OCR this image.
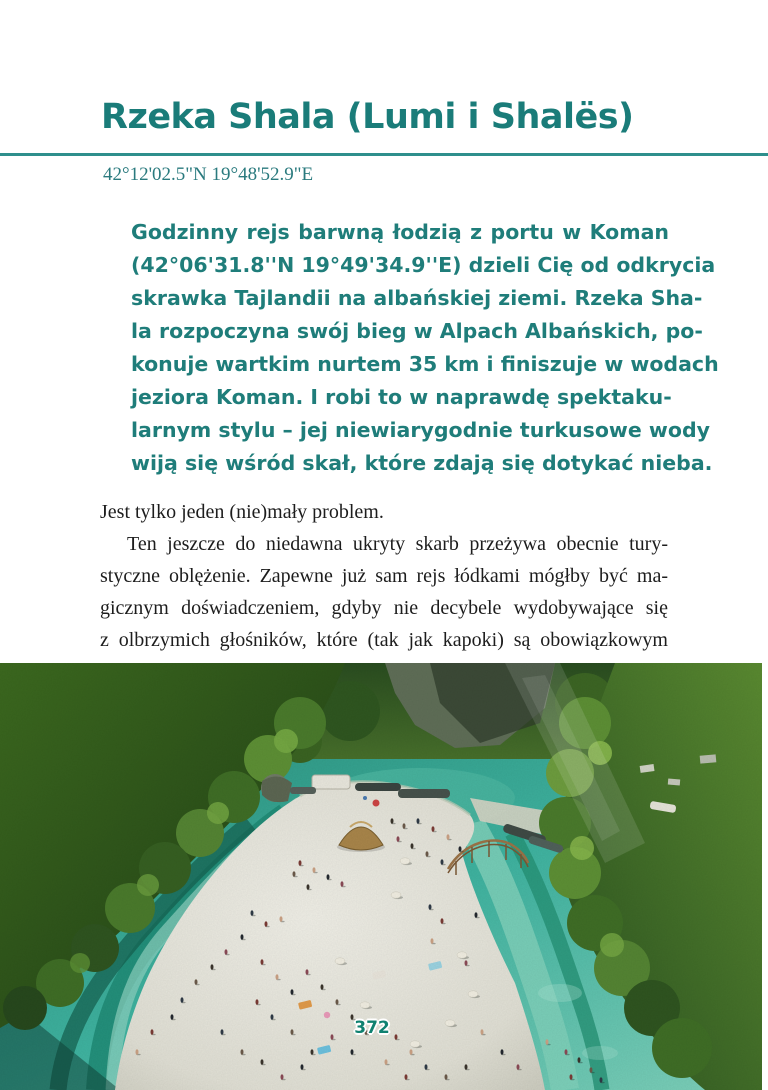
Rzeka Shala (Lumi i Shalës)
42°12'02.5"N 19°48'52.9"E
Godzinny rejs barwną łodzią z portu w Koman
(42°06'31.8''N 19°49'34.9''E) dzieli Cię od odkrycia
skrawka Tajlandii na albańskiej ziemi. Rzeka Sha-
la rozpoczyna swój bieg w Alpach Albańskich, po-
konuje wartkim nurtem 35 km i finiszuje w wodach
jeziora Koman. I robi to w naprawdę spektaku-
larnym stylu – jej niewiarygodnie turkusowe wody
wiją się wśród skał, które zdają się dotykać nieba.
Jest tylko jeden (nie)mały problem.
Ten jeszcze do niedawna ukryty skarb przeżywa obecnie tury-
styczne oblężenie. Zapewne już sam rejs łódkami mógłby być ma-
gicznym doświadczeniem, gdyby nie decybele wydobywające się
z olbrzymich głośników, które (tak jak kapoki) są obowiązkowym
372
